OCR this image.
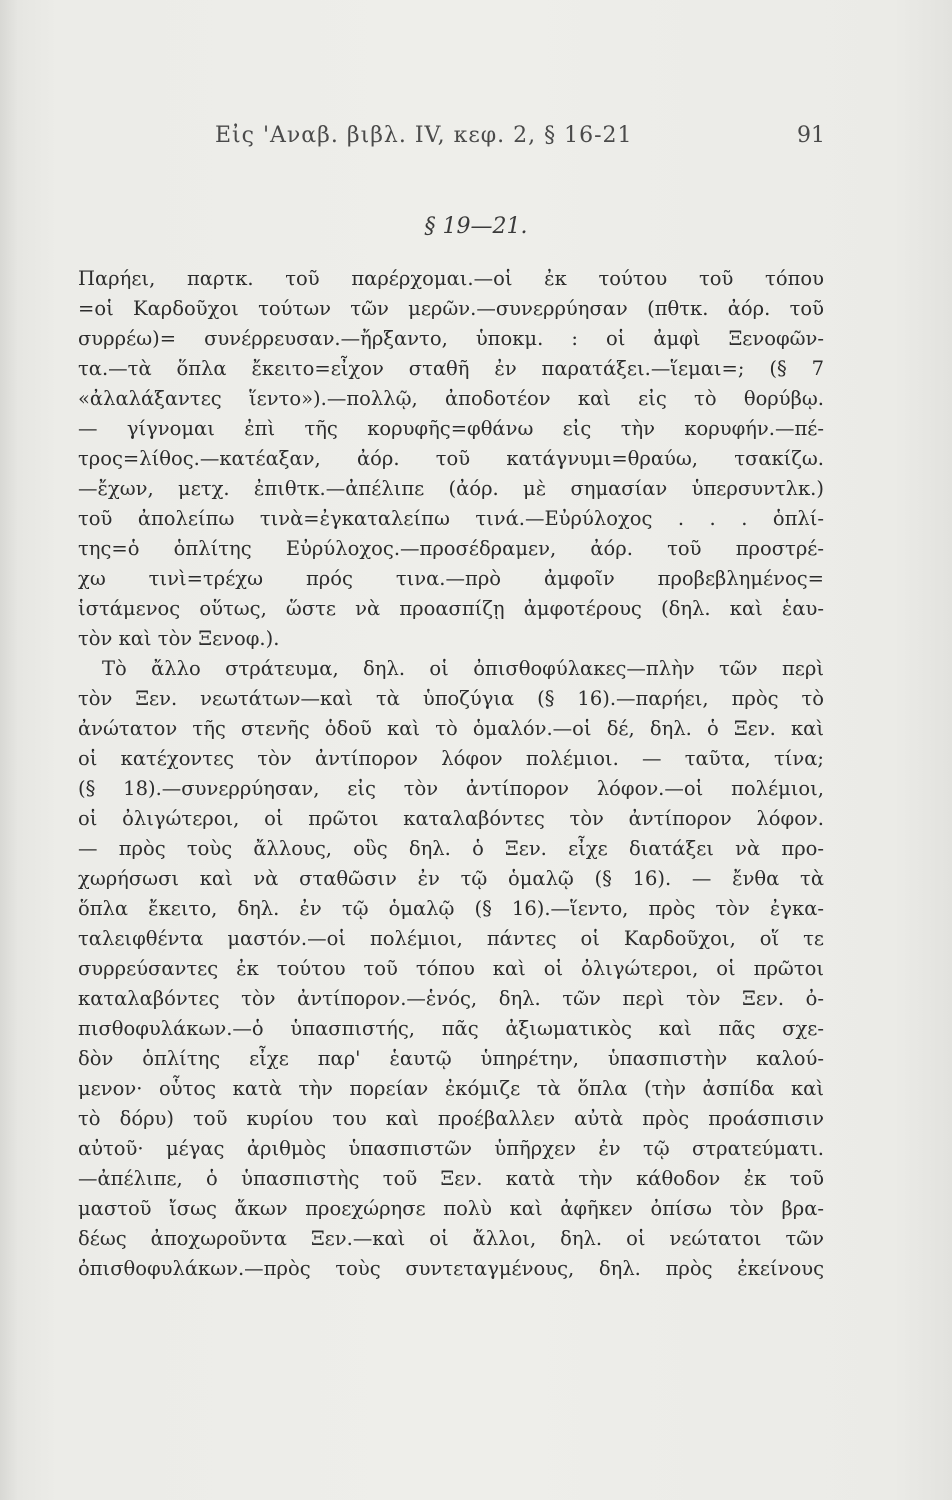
Εἰς 'Αναβ. βιβλ. IV, κεφ. 2, § 16-21	91
§ 19—21.
Παρήει, παρτκ. τοῦ παρέρχομαι.—οἱ ἐκ τούτου τοῦ τόπου
=οἱ Καρδοῦχοι τούτων τῶν μερῶν.—συνερρύησαν (πθτκ. ἀόρ. τοῦ
συρρέω)= συνέρρευσαν.—ἤρξαντο, ὑποκμ. : οἱ ἀμφὶ Ξενοφῶν-
τα.—τὰ ὅπλα ἔκειτο=εἶχον σταθῆ ἐν παρατάξει.—ἵεμαι=; (§ 7
«ἀλαλάξαντες ἵεντο»).—πολλῷ, ἀποδοτέον καὶ εἰς τὸ θορύβῳ.
— γίγνομαι ἐπὶ τῆς κορυφῆς=φθάνω εἰς τὴν κορυφήν.—πέ-
τρος=λίθος.—κατέαξαν, ἀόρ. τοῦ κατάγνυμι=θραύω, τσακίζω.
—ἔχων, μετχ. ἐπιθτκ.—ἀπέλιπε (ἀόρ. μὲ σημασίαν ὑπερσυντλκ.)
τοῦ ἀπολείπω τινὰ=ἐγκαταλείπω τινά.—Εὐρύλοχος . . . ὁπλί-
της=ὁ ὁπλίτης Εὐρύλοχος.—προσέδραμεν, ἀόρ. τοῦ προστρέ-
χω τινὶ=τρέχω πρός τινα.—πρὸ ἀμφοῖν προβεβλημένος=
ἱστάμενος οὕτως, ὥστε νὰ προασπίζῃ ἀμφοτέρους (δηλ. καὶ ἑαυ-
τὸν καὶ τὸν Ξενοφ.).
Τὸ ἄλλο στράτευμα, δηλ. οἱ ὀπισθοφύλακες—πλὴν τῶν περὶ
τὸν Ξεν. νεωτάτων—καὶ τὰ ὑποζύγια (§ 16).—παρήει, πρὸς τὸ
ἀνώτατον τῆς στενῆς ὁδοῦ καὶ τὸ ὁμαλόν.—οἱ δέ, δηλ. ὁ Ξεν. καὶ
οἱ κατέχοντες τὸν ἀντίπορον λόφον πολέμιοι. — ταῦτα, τίνα;
(§ 18).—συνερρύησαν, εἰς τὸν ἀντίπορον λόφον.—οἱ πολέμιοι,
οἱ ὀλιγώτεροι, οἱ πρῶτοι καταλαβόντες τὸν ἀντίπορον λόφον.
— πρὸς τοὺς ἄλλους, οὓς δηλ. ὁ Ξεν. εἶχε διατάξει νὰ προ-
χωρήσωσι καὶ νὰ σταθῶσιν ἐν τῷ ὁμαλῷ (§ 16). — ἔνθα τὰ
ὅπλα ἔκειτο, δηλ. ἐν τῷ ὁμαλῷ (§ 16).—ἵεντο, πρὸς τὸν ἐγκα-
ταλειφθέντα μαστόν.—οἱ πολέμιοι, πάντες οἱ Καρδοῦχοι, οἵ τε
συρρεύσαντες ἐκ τούτου τοῦ τόπου καὶ οἱ ὀλιγώτεροι, οἱ πρῶτοι
καταλαβόντες τὸν ἀντίπορον.—ἑνός, δηλ. τῶν περὶ τὸν Ξεν. ὀ-
πισθοφυλάκων.—ὁ ὑπασπιστής, πᾶς ἀξιωματικὸς καὶ πᾶς σχε-
δὸν ὁπλίτης εἶχε παρ' ἑαυτῷ ὑπηρέτην, ὑπασπιστὴν καλού-
μενον· οὗτος κατὰ τὴν πορείαν ἐκόμιζε τὰ ὅπλα (τὴν ἀσπίδα καὶ
τὸ δόρυ) τοῦ κυρίου του καὶ προέβαλλεν αὐτὰ πρὸς προάσπισιν
αὐτοῦ· μέγας ἀριθμὸς ὑπασπιστῶν ὑπῆρχεν ἐν τῷ στρατεύματι.
—ἀπέλιπε, ὁ ὑπασπιστὴς τοῦ Ξεν. κατὰ τὴν κάθοδον ἐκ τοῦ
μαστοῦ ἴσως ἄκων προεχώρησε πολὺ καὶ ἀφῆκεν ὀπίσω τὸν βρα-
δέως ἀποχωροῦντα Ξεν.—καὶ οἱ ἄλλοι, δηλ. οἱ νεώτατοι τῶν
ὀπισθοφυλάκων.—πρὸς τοὺς συντεταγμένους, δηλ. πρὸς ἐκείνους
